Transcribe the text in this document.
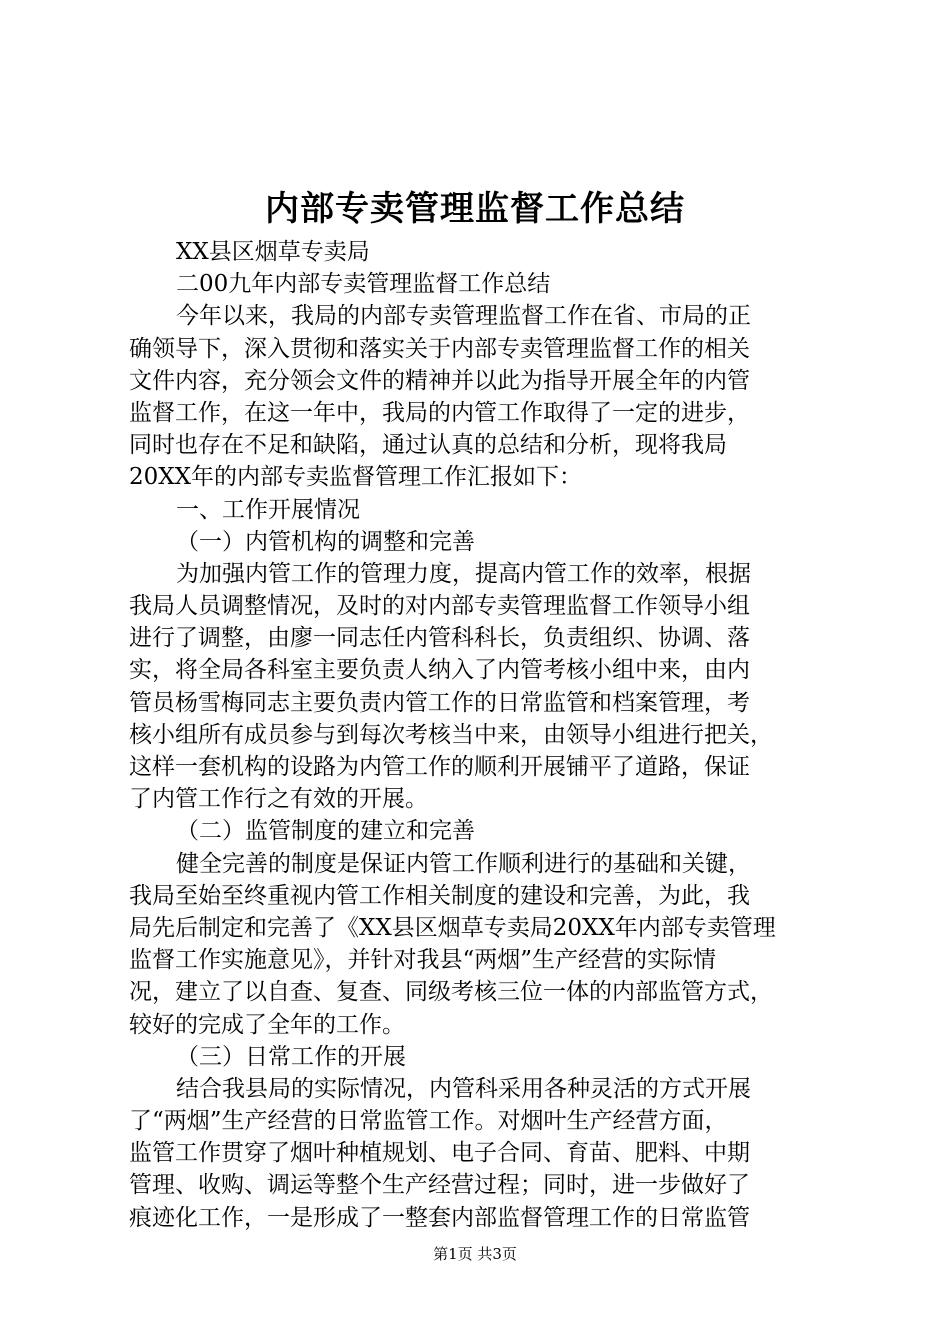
内部专卖管理监督工作总结
XX县区烟草专卖局
二00九年内部专卖管理监督工作总结
今年以来，我局的内部专卖管理监督工作在省、市局的正
确领导下，深入贯彻和落实关于内部专卖管理监督工作的相关
文件内容，充分领会文件的精神并以此为指导开展全年的内管
监督工作，在这一年中，我局的内管工作取得了一定的进步，
同时也存在不足和缺陷，通过认真的总结和分析，现将我局
20XX年的内部专卖监督管理工作汇报如下：
一、工作开展情况
（一）内管机构的调整和完善
为加强内管工作的管理力度，提高内管工作的效率，根据
我局人员调整情况，及时的对内部专卖管理监督工作领导小组
进行了调整，由廖一同志任内管科科长，负责组织、协调、落
实，将全局各科室主要负责人纳入了内管考核小组中来，由内
管员杨雪梅同志主要负责内管工作的日常监管和档案管理，考
核小组所有成员参与到每次考核当中来，由领导小组进行把关，
这样一套机构的设路为内管工作的顺利开展铺平了道路，保证
了内管工作行之有效的开展。
（二）监管制度的建立和完善
健全完善的制度是保证内管工作顺利进行的基础和关键，
我局至始至终重视内管工作相关制度的建设和完善，为此，我
局先后制定和完善了《XX县区烟草专卖局20XX年内部专卖管理
监督工作实施意见》，并针对我县“两烟”生产经营的实际情
况，建立了以自查、复查、同级考核三位一体的内部监管方式，
较好的完成了全年的工作。
（三）日常工作的开展
结合我县局的实际情况，内管科采用各种灵活的方式开展
了“两烟”生产经营的日常监管工作。对烟叶生产经营方面，
监管工作贯穿了烟叶种植规划、电子合同、育苗、肥料、中期
管理、收购、调运等整个生产经营过程；同时，进一步做好了
痕迹化工作，一是形成了一整套内部监督管理工作的日常监管
第1页 共3页
